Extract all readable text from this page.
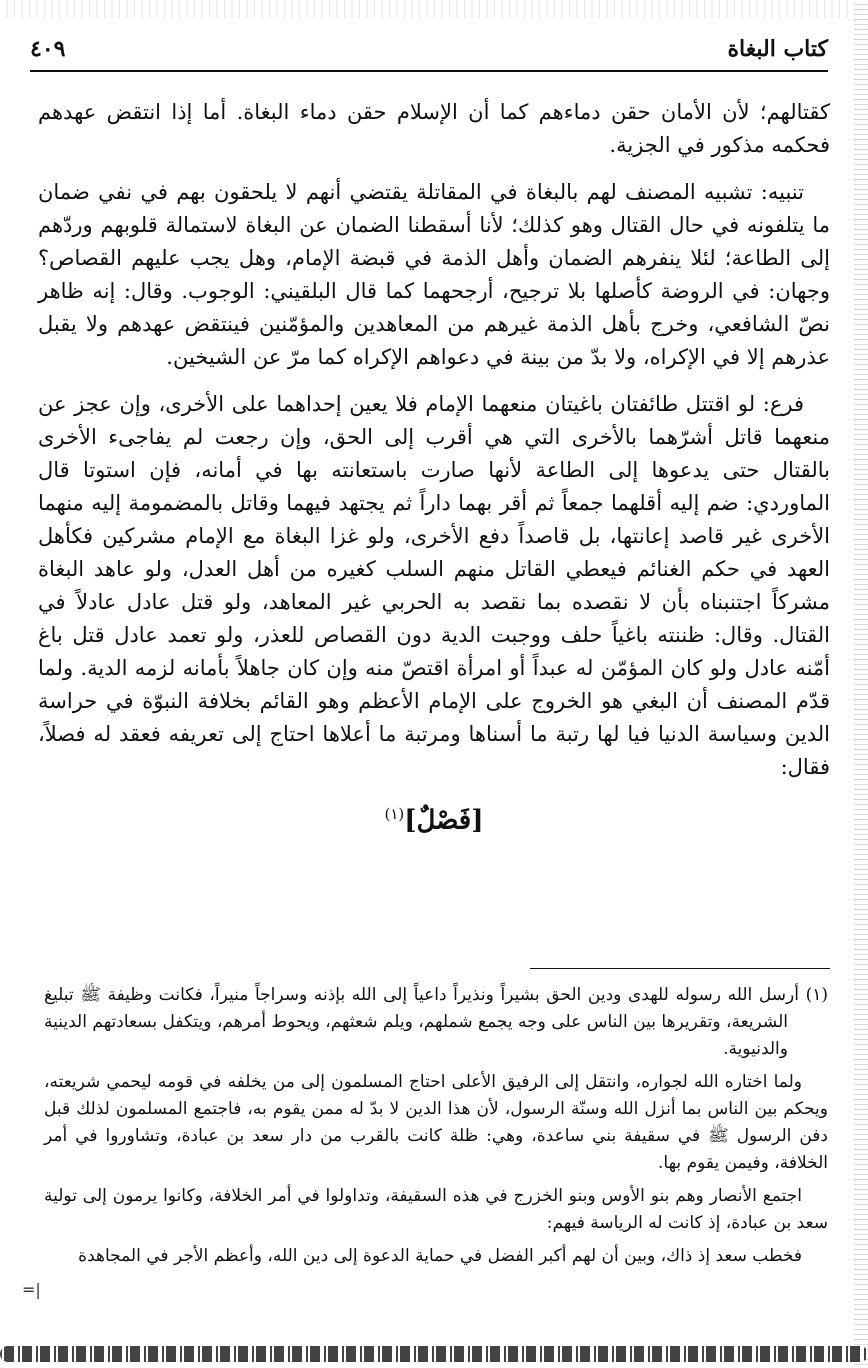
كتاب البغاة
٤٠٩

كقتالهم؛ لأن الأمان حقن دماءهم كما أن الإسلام حقن دماء البغاة. أما إذا انتقض عهدهم فحكمه مذكور في الجزية.

تنبيه: تشبيه المصنف لهم بالبغاة في المقاتلة يقتضي أنهم لا يلحقون بهم في نفي ضمان ما يتلفونه في حال القتال وهو كذلك؛ لأنا أسقطنا الضمان عن البغاة لاستمالة قلوبهم وردّهم إلى الطاعة؛ لئلا ينفرهم الضمان وأهل الذمة في قبضة الإمام، وهل يجب عليهم القصاص؟ وجهان: في الروضة كأصلها بلا ترجيح، أرجحهما كما قال البلقيني: الوجوب. وقال: إنه ظاهر نصّ الشافعي، وخرج بأهل الذمة غيرهم من المعاهدين والمؤمّنين فينتقض عهدهم ولا يقبل عذرهم إلا في الإكراه، ولا بدّ من بينة في دعواهم الإكراه كما مرّ عن الشيخين.

فرع: لو اقتتل طائفتان باغيتان منعهما الإمام فلا يعين إحداهما على الأخرى، وإن عجز عن منعهما قاتل أشرّهما بالأخرى التي هي أقرب إلى الحق، وإن رجعت لم يفاجىء الأخرى بالقتال حتى يدعوها إلى الطاعة لأنها صارت باستعانته بها في أمانه، فإن استوتا قال الماوردي: ضم إليه أقلهما جمعاً ثم أقر بهما داراً ثم يجتهد فيهما وقاتل بالمضمومة إليه منهما الأخرى غير قاصد إعانتها، بل قاصداً دفع الأخرى، ولو غزا البغاة مع الإمام مشركين فكأهل العهد في حكم الغنائم فيعطي القاتل منهم السلب كغيره من أهل العدل، ولو عاهد البغاة مشركاً اجتنبناه بأن لا نقصده بما نقصد به الحربي غير المعاهد، ولو قتل عادل عادلاً في القتال. وقال: ظننته باغياً حلف ووجبت الدية دون القصاص للعذر، ولو تعمد عادل قتل باغ أمّنه عادل ولو كان المؤمّن له عبداً أو امرأة اقتصّ منه وإن كان جاهلاً بأمانه لزمه الدية. ولما قدّم المصنف أن البغي هو الخروج على الإمام الأعظم وهو القائم بخلافة النبوّة في حراسة الدين وسياسة الدنيا فيا لها رتبة ما أسناها ومرتبة ما أعلاها احتاج إلى تعريفه فعقد له فصلاً، فقال:

[فَصْلٌ]$^{(١)}$

(١) أرسل الله رسوله للهدى ودين الحق بشيراً ونذيراً داعياً إلى الله بإذنه وسراجاً منيراً، فكانت وظيفة ﷺ تبليغ الشريعة، وتقريرها بين الناس على وجه يجمع شملهم، ويلم شعثهم، ويحوط أمرهم، ويتكفل بسعادتهم الدينية والدنيوية.

ولما اختاره الله لجواره، وانتقل إلى الرفيق الأعلى احتاج المسلمون إلى من يخلفه في قومه ليحمي شريعته، ويحكم بين الناس بما أنزل الله وسنّة الرسول، لأن هذا الدين لا بدّ له ممن يقوم به، فاجتمع المسلمون لذلك قبل دفن الرسول ﷺ في سقيفة بني ساعدة، وهي: ظلة كانت بالقرب من دار سعد بن عبادة، وتشاوروا في أمر الخلافة، وفيمن يقوم بها.

اجتمع الأنصار وهم بنو الأوس وبنو الخزرج في هذه السقيفة، وتداولوا في أمر الخلافة، وكانوا يرمون إلى تولية سعد بن عبادة، إذ كانت له الرياسة فيهم:

فخطب سعد إذ ذاك، وبين أن لهم أكبر الفضل في حماية الدعوة إلى دين الله، وأعظم الأجر في المجاهدة

=|
